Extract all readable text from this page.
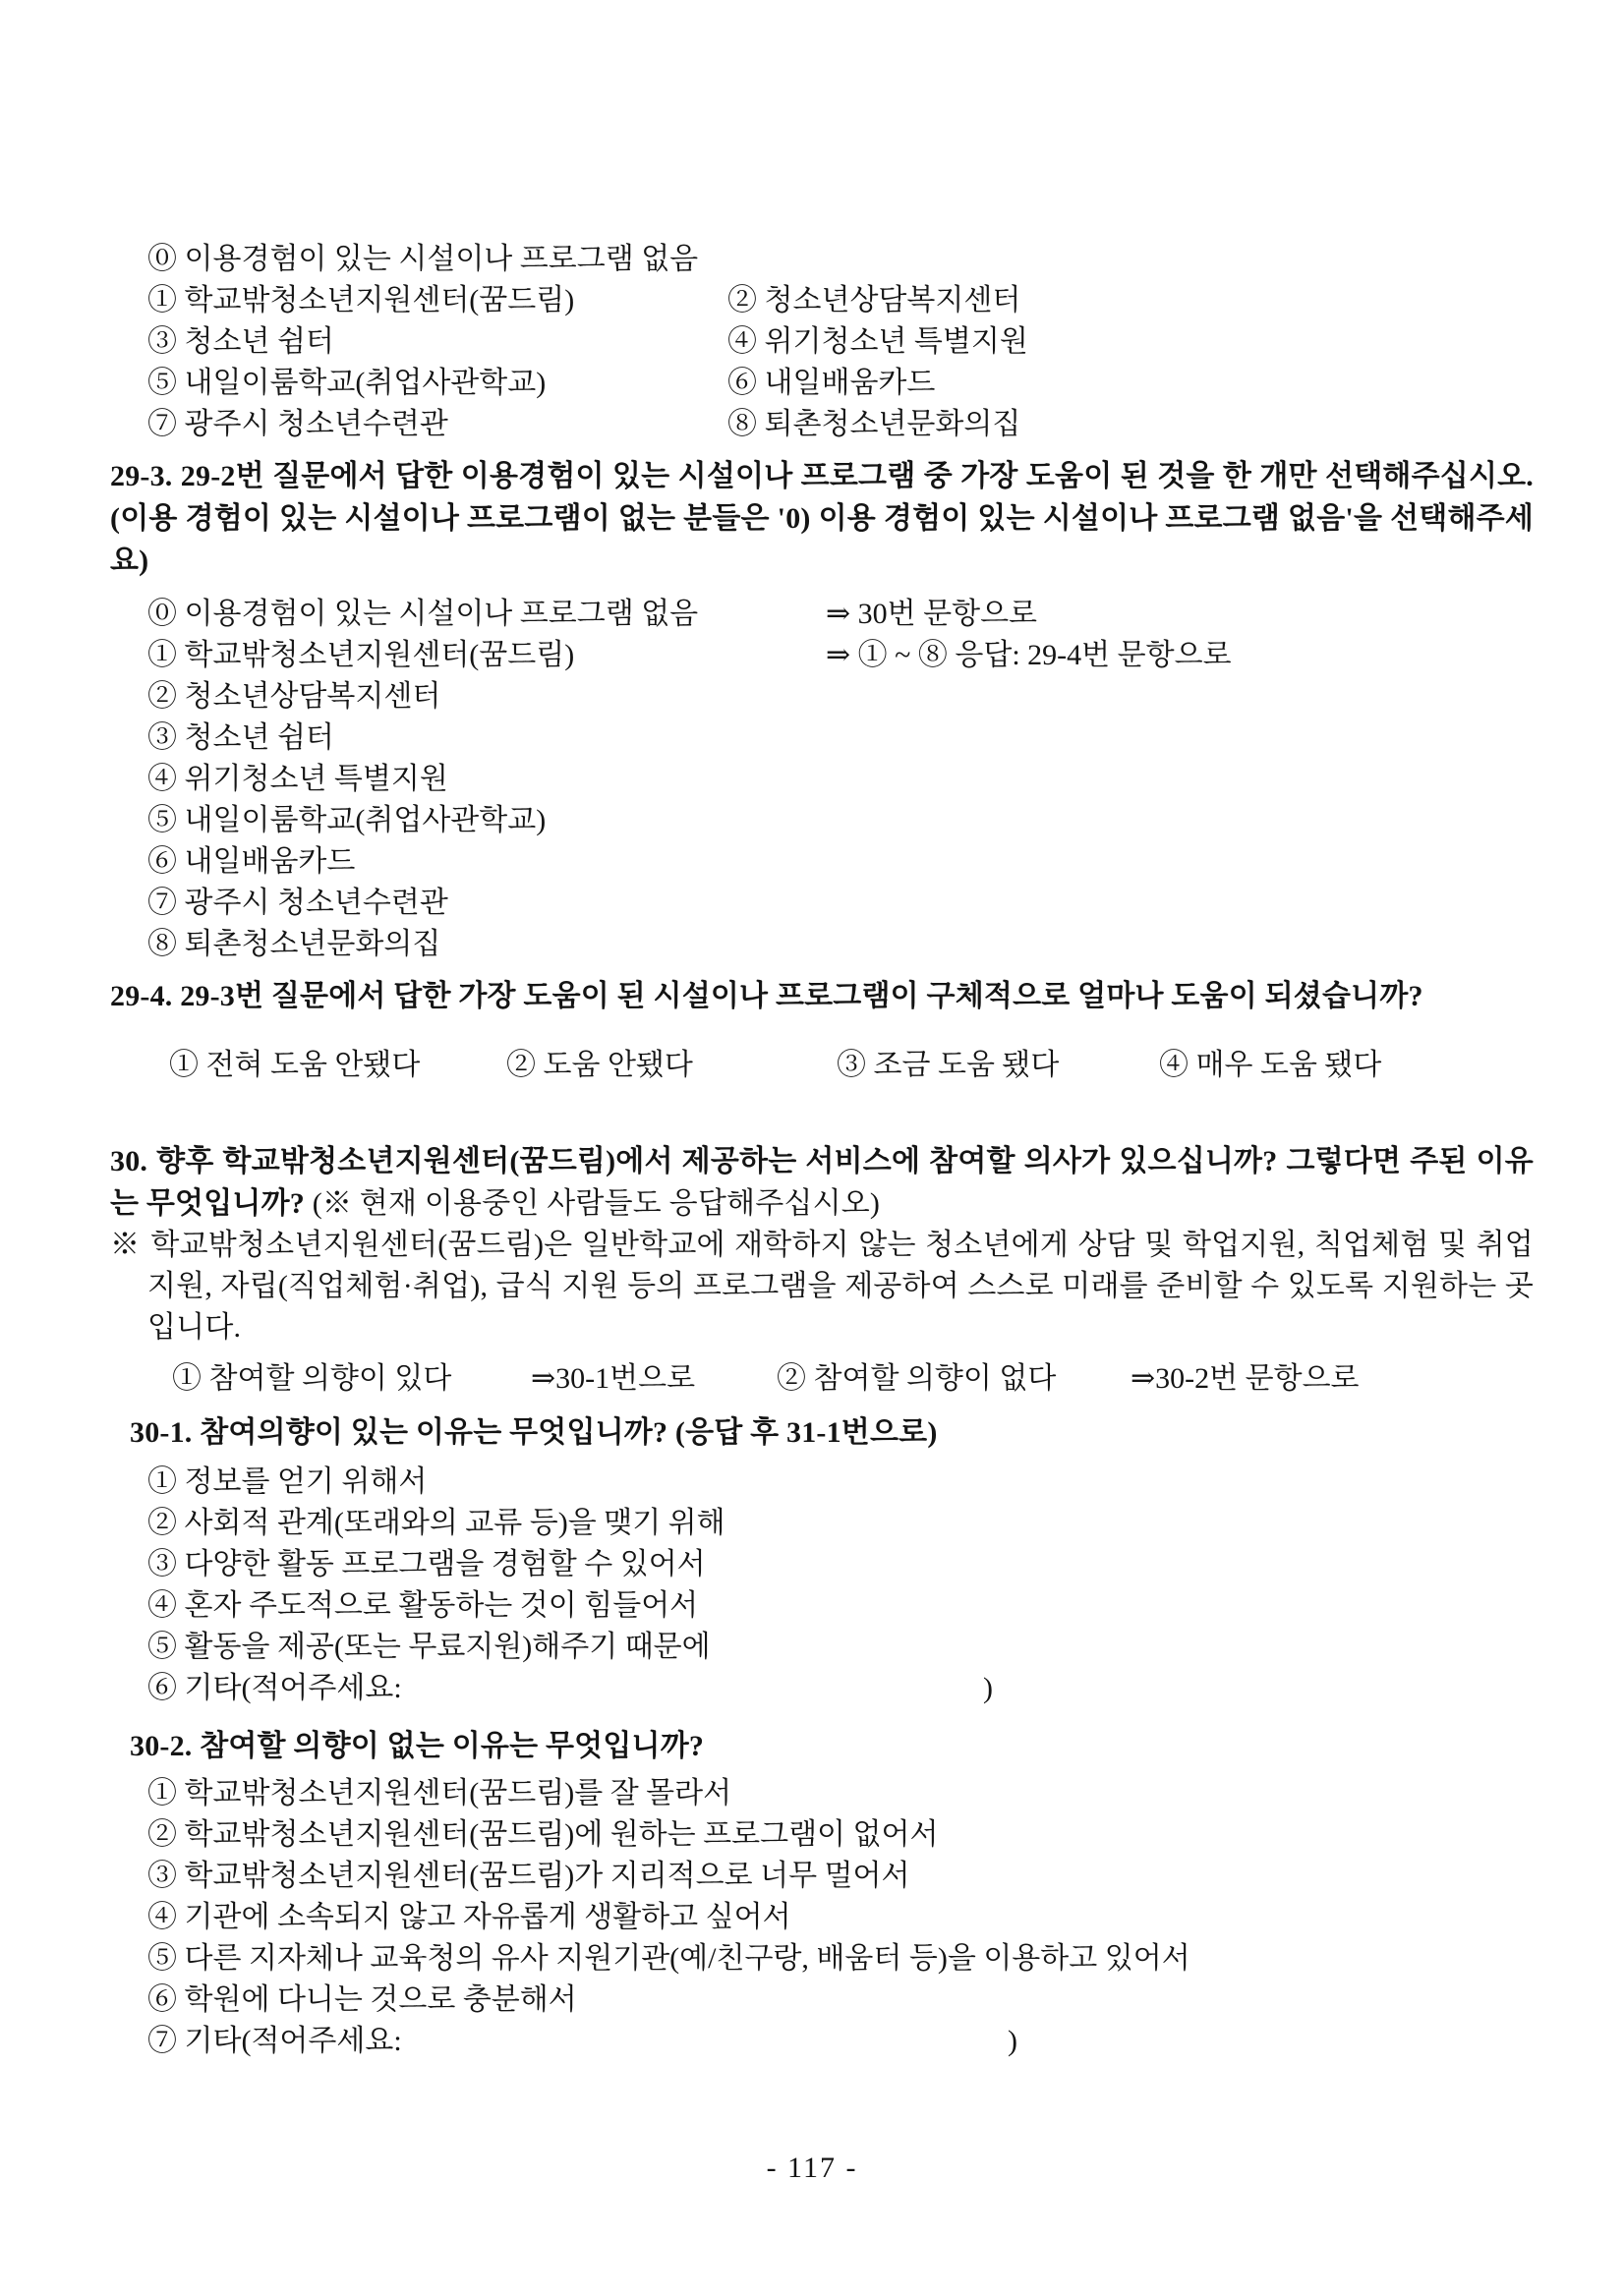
⓪ 이용경험이 있는 시설이나 프로그램 없음
① 학교밖청소년지원센터(꿈드림)	② 청소년상담복지센터
③ 청소년 쉼터	④ 위기청소년 특별지원
⑤ 내일이룸학교(취업사관학교)	⑥ 내일배움카드
⑦ 광주시 청소년수련관	⑧ 퇴촌청소년문화의집

29-3. 29-2번 질문에서 답한 이용경험이 있는 시설이나 프로그램 중 가장 도움이 된 것을 한 개만 선택해주십시오. (이용 경험이 있는 시설이나 프로그램이 없는 분들은 '0) 이용 경험이 있는 시설이나 프로그램 없음'을 선택해주세요)

⓪ 이용경험이 있는 시설이나 프로그램 없음	⇒ 30번 문항으로
① 학교밖청소년지원센터(꿈드림)	⇒ ① ~ ⑧ 응답: 29-4번 문항으로
② 청소년상담복지센터
③ 청소년 쉼터
④ 위기청소년 특별지원
⑤ 내일이룸학교(취업사관학교)
⑥ 내일배움카드
⑦ 광주시 청소년수련관
⑧ 퇴촌청소년문화의집

29-4. 29-3번 질문에서 답한 가장 도움이 된 시설이나 프로그램이 구체적으로 얼마나 도움이 되셨습니까?

① 전혀 도움 안됐다	② 도움 안됐다	③ 조금 도움 됐다	④ 매우 도움 됐다

30. 향후 학교밖청소년지원센터(꿈드림)에서 제공하는 서비스에 참여할 의사가 있으십니까? 그렇다면 주된 이유는 무엇입니까? (※ 현재 이용중인 사람들도 응답해주십시오)

※ 학교밖청소년지원센터(꿈드림)은 일반학교에 재학하지 않는 청소년에게 상담 및 학업지원, 칙업체험 및 취업지원, 자립(직업체험·취업), 급식 지원 등의 프로그램을 제공하여 스스로 미래를 준비할 수 있도록 지원하는 곳입니다.

① 참여할 의향이 있다	⇒30-1번으로	② 참여할 의향이 없다	⇒30-2번 문항으로

30-1. 참여의향이 있는 이유는 무엇입니까? (응답 후 31-1번으로)

① 정보를 얻기 위해서
② 사회적 관계(또래와의 교류 등)을 맺기 위해
③ 다양한 활동 프로그램을 경험할 수 있어서
④ 혼자 주도적으로 활동하는 것이 힘들어서
⑤ 활동을 제공(또는 무료지원)해주기 때문에
⑥ 기타(적어주세요:	)

30-2. 참여할 의향이 없는 이유는 무엇입니까?

① 학교밖청소년지원센터(꿈드림)를 잘 몰라서
② 학교밖청소년지원센터(꿈드림)에 원하는 프로그램이 없어서
③ 학교밖청소년지원센터(꿈드림)가 지리적으로 너무 멀어서
④ 기관에 소속되지 않고 자유롭게 생활하고 싶어서
⑤ 다른 지자체나 교육청의 유사 지원기관(예/친구랑, 배움터 등)을 이용하고 있어서
⑥ 학원에 다니는 것으로 충분해서
⑦ 기타(적어주세요:	)
- 117 -
